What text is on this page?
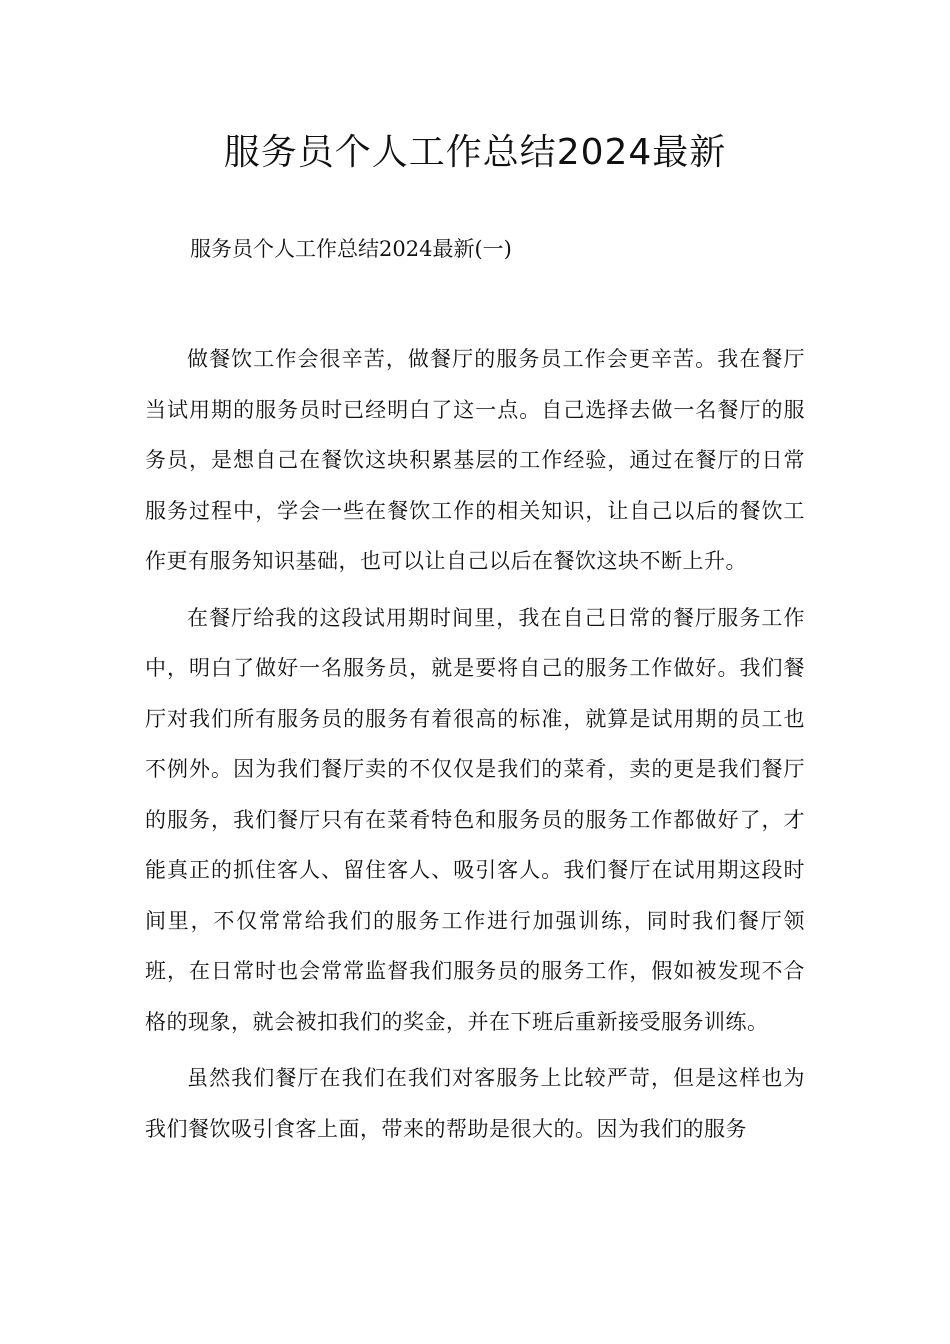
服务员个人工作总结2024最新
服务员个人工作总结2024最新(一)

做餐饮工作会很辛苦，做餐厅的服务员工作会更辛苦。我在餐厅当试用期的服务员时已经明白了这一点。自己选择去做一名餐厅的服务员，是想自己在餐饮这块积累基层的工作经验，通过在餐厅的日常服务过程中，学会一些在餐饮工作的相关知识，让自己以后的餐饮工作更有服务知识基础，也可以让自己以后在餐饮这块不断上升。

在餐厅给我的这段试用期时间里，我在自己日常的餐厅服务工作中，明白了做好一名服务员，就是要将自己的服务工作做好。我们餐厅对我们所有服务员的服务有着很高的标准，就算是试用期的员工也不例外。因为我们餐厅卖的不仅仅是我们的菜肴，卖的更是我们餐厅的服务，我们餐厅只有在菜肴特色和服务员的服务工作都做好了，才能真正的抓住客人、留住客人、吸引客人。我们餐厅在试用期这段时间里，不仅常常给我们的服务工作进行加强训练，同时我们餐厅领班，在日常时也会常常监督我们服务员的服务工作，假如被发现不合格的现象，就会被扣我们的奖金，并在下班后重新接受服务训练。

虽然我们餐厅在我们在我们对客服务上比较严苛，但是这样也为我们餐饮吸引食客上面，带来的帮助是很大的。因为我们的服务
